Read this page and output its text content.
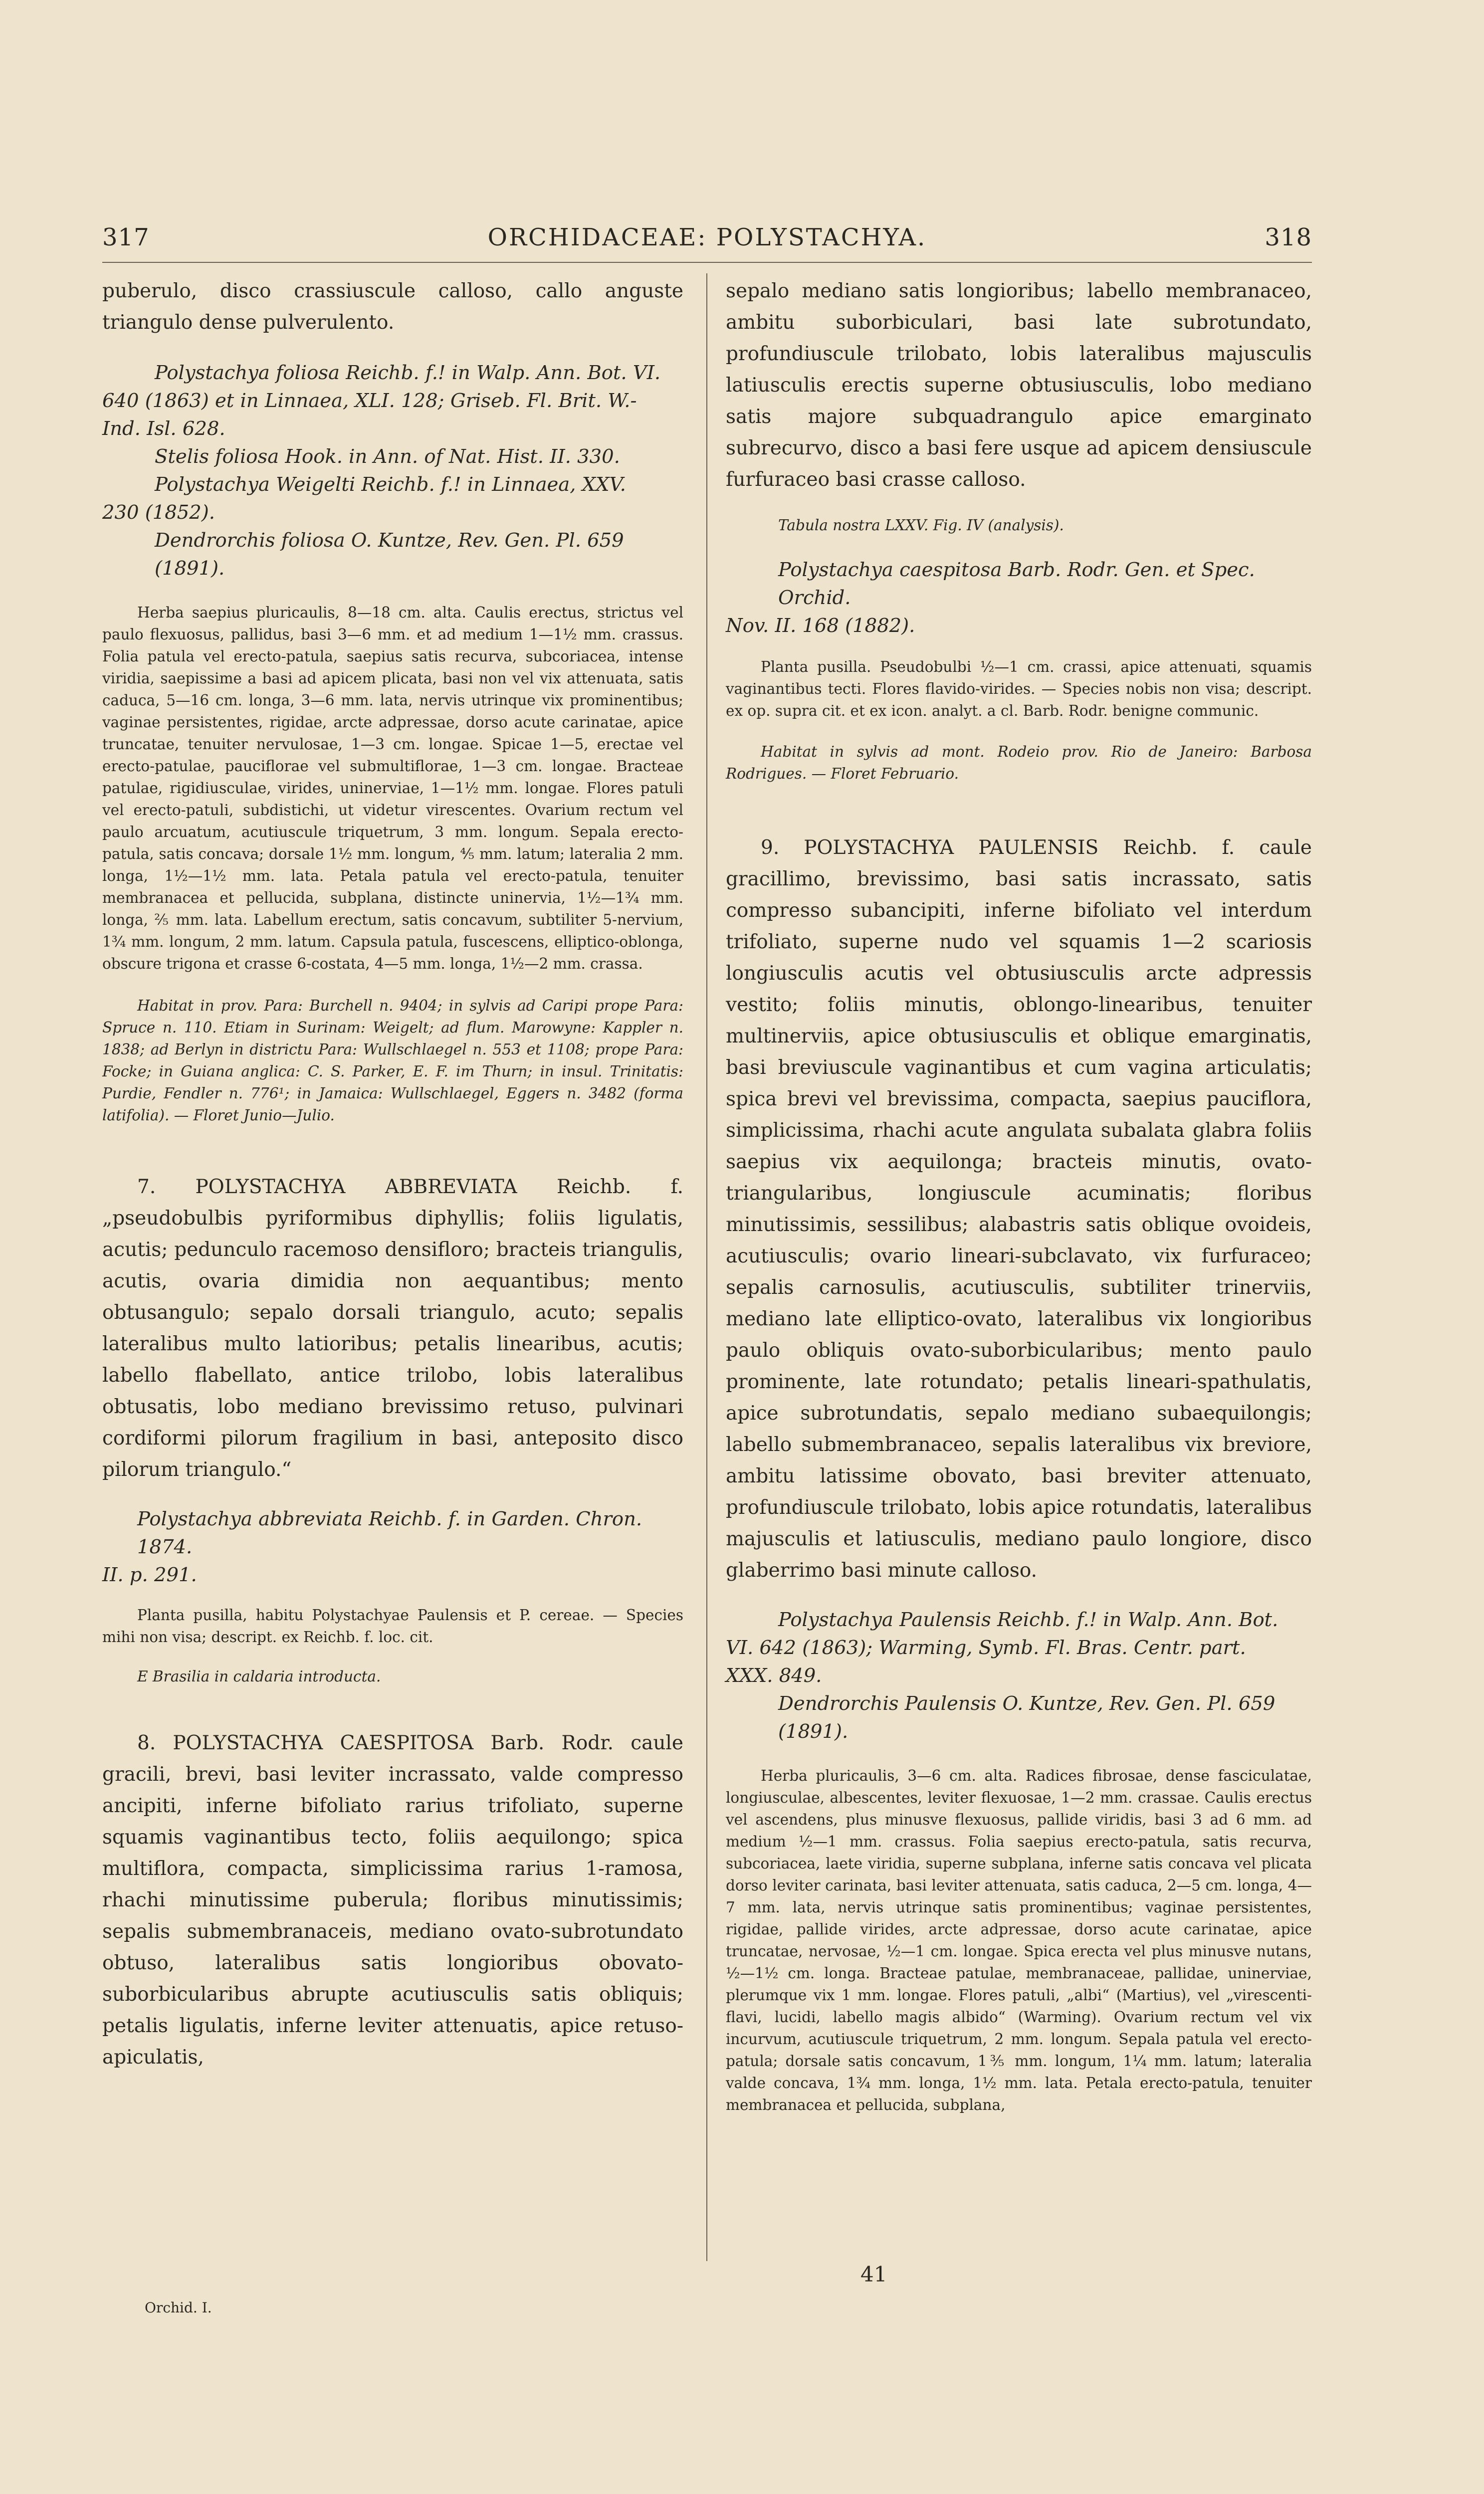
317	ORCHIDACEAE: POLYSTACHYA.	318

puberulo, disco crassiuscule calloso, callo anguste triangulo dense pulverulento.

Polystachya foliosa Reichb. f.! in Walp. Ann. Bot. VI.
640 (1863) et in Linnaea, XLI. 128; Griseb. Fl. Brit. W.-
Ind. Isl. 628.
Stelis foliosa Hook. in Ann. of Nat. Hist. II. 330.
Polystachya Weigelti Reichb. f.! in Linnaea, XXV.
230 (1852).
Dendrorchis foliosa O. Kuntze, Rev. Gen. Pl. 659 (1891).

Herba saepius pluricaulis, 8—18 cm. alta. Caulis erectus, strictus vel paulo flexuosus, pallidus, basi 3—6 mm. et ad medium 1—1½ mm. crassus. Folia patula vel erecto-patula, saepius satis recurva, subcoriacea, intense viridia, saepissime a basi ad apicem plicata, basi non vel vix attenuata, satis caduca, 5—16 cm. longa, 3—6 mm. lata, nervis utrinque vix prominentibus; vaginae persistentes, rigidae, arcte adpressae, dorso acute carinatae, apice truncatae, tenuiter nervulosae, 1—3 cm. longae. Spicae 1—5, erectae vel erecto-patulae, pauciflorae vel submultiflorae, 1—3 cm. longae. Bracteae patulae, rigidiusculae, virides, uninerviae, 1—1½ mm. longae. Flores patuli vel erecto-patuli, subdistichi, ut videtur virescentes. Ovarium rectum vel paulo arcuatum, acutiuscule triquetrum, 3 mm. longum. Sepala erecto-patula, satis concava; dorsale 1½ mm. longum, ⅘ mm. latum; lateralia 2 mm. longa, 1½—1½ mm. lata. Petala patula vel erecto-patula, tenuiter membranacea et pellucida, subplana, distincte uninervia, 1½—1¾ mm. longa, ⅖ mm. lata. Labellum erectum, satis concavum, subtiliter 5-nervium, 1¾ mm. longum, 2 mm. latum. Capsula patula, fuscescens, elliptico-oblonga, obscure trigona et crasse 6-costata, 4—5 mm. longa, 1½—2 mm. crassa.

Habitat in prov. Para: Burchell n. 9404; in sylvis ad Caripi prope Para: Spruce n. 110. Etiam in Surinam: Weigelt; ad flum. Marowyne: Kappler n. 1838; ad Berlyn in districtu Para: Wullschlaegel n. 553 et 1108; prope Para: Focke; in Guiana anglica: C. S. Parker, E. F. im Thurn; in insul. Trinitatis: Purdie, Fendler n. 776¹; in Jamaica: Wullschlaegel, Eggers n. 3482 (forma latifolia). — Floret Junio—Julio.

7. POLYSTACHYA ABBREVIATA Reichb. f. „pseudobulbis pyriformibus diphyllis; foliis ligulatis, acutis; pedunculo racemoso densifloro; bracteis triangulis, acutis, ovaria dimidia non aequantibus; mento obtusangulo; sepalo dorsali triangulo, acuto; sepalis lateralibus multo latioribus; petalis linearibus, acutis; labello flabellato, antice trilobo, lobis lateralibus obtusatis, lobo mediano brevissimo retuso, pulvinari cordiformi pilorum fragilium in basi, anteposito disco pilorum triangulo.“

Polystachya abbreviata Reichb. f. in Garden. Chron. 1874.
II. p. 291.

Planta pusilla, habitu Polystachyae Paulensis et P. cereae. — Species mihi non visa; descript. ex Reichb. f. loc. cit.

E Brasilia in caldaria introducta.

8. POLYSTACHYA CAESPITOSA Barb. Rodr. caule gracili, brevi, basi leviter incrassato, valde compresso ancipiti, inferne bifoliato rarius trifoliato, superne squamis vaginantibus tecto, foliis aequilongo; spica multiflora, compacta, simplicissima rarius 1-ramosa, rhachi minutissime puberula; floribus minutissimis; sepalis submembranaceis, mediano ovato-subrotundato obtuso, lateralibus satis longioribus obovato-suborbicularibus abrupte acutiusculis satis obliquis; petalis ligulatis, inferne leviter attenuatis, apice retuso-apiculatis,

sepalo mediano satis longioribus; labello membranaceo, ambitu suborbiculari, basi late subrotundato, profundiuscule trilobato, lobis lateralibus majusculis latiusculis erectis superne obtusiusculis, lobo mediano satis majore subquadrangulo apice emarginato subrecurvo, disco a basi fere usque ad apicem densiuscule furfuraceo basi crasse calloso.

Tabula nostra LXXV. Fig. IV (analysis).

Polystachya caespitosa Barb. Rodr. Gen. et Spec. Orchid.
Nov. II. 168 (1882).

Planta pusilla. Pseudobulbi ½—1 cm. crassi, apice attenuati, squamis vaginantibus tecti. Flores flavido-virides. — Species nobis non visa; descript. ex op. supra cit. et ex icon. analyt. a cl. Barb. Rodr. benigne communic.

Habitat in sylvis ad mont. Rodeio prov. Rio de Janeiro: Barbosa Rodrigues. — Floret Februario.

9. POLYSTACHYA PAULENSIS Reichb. f. caule gracillimo, brevissimo, basi satis incrassato, satis compresso subancipiti, inferne bifoliato vel interdum trifoliato, superne nudo vel squamis 1—2 scariosis longiusculis acutis vel obtusiusculis arcte adpressis vestito; foliis minutis, oblongo-linearibus, tenuiter multinerviis, apice obtusiusculis et oblique emarginatis, basi breviuscule vaginantibus et cum vagina articulatis; spica brevi vel brevissima, compacta, saepius pauciflora, simplicissima, rhachi acute angulata subalata glabra foliis saepius vix aequilonga; bracteis minutis, ovato-triangularibus, longiuscule acuminatis; floribus minutissimis, sessilibus; alabastris satis oblique ovoideis, acutiusculis; ovario lineari-subclavato, vix furfuraceo; sepalis carnosulis, acutiusculis, subtiliter trinerviis, mediano late elliptico-ovato, lateralibus vix longioribus paulo obliquis ovato-suborbicularibus; mento paulo prominente, late rotundato; petalis lineari-spathulatis, apice subrotundatis, sepalo mediano subaequilongis; labello submembranaceo, sepalis lateralibus vix breviore, ambitu latissime obovato, basi breviter attenuato, profundiuscule trilobato, lobis apice rotundatis, lateralibus majusculis et latiusculis, mediano paulo longiore, disco glaberrimo basi minute calloso.

Polystachya Paulensis Reichb. f.! in Walp. Ann. Bot.
VI. 642 (1863); Warming, Symb. Fl. Bras. Centr. part.
XXX. 849.
Dendrorchis Paulensis O. Kuntze, Rev. Gen. Pl. 659 (1891).

Herba pluricaulis, 3—6 cm. alta. Radices fibrosae, dense fasciculatae, longiusculae, albescentes, leviter flexuosae, 1—2 mm. crassae. Caulis erectus vel ascendens, plus minusve flexuosus, pallide viridis, basi 3 ad 6 mm. ad medium ½—1 mm. crassus. Folia saepius erecto-patula, satis recurva, subcoriacea, laete viridia, superne subplana, inferne satis concava vel plicata dorso leviter carinata, basi leviter attenuata, satis caduca, 2—5 cm. longa, 4—7 mm. lata, nervis utrinque satis prominentibus; vaginae persistentes, rigidae, pallide virides, arcte adpressae, dorso acute carinatae, apice truncatae, nervosae, ½—1 cm. longae. Spica erecta vel plus minusve nutans, ½—1½ cm. longa. Bracteae patulae, membranaceae, pallidae, uninerviae, plerumque vix 1 mm. longae. Flores patuli, „albi“ (Martius), vel „virescenti-flavi, lucidi, labello magis albido“ (Warming). Ovarium rectum vel vix incurvum, acutiuscule triquetrum, 2 mm. longum. Sepala patula vel erecto-patula; dorsale satis concavum, 1⅗ mm. longum, 1¼ mm. latum; lateralia valde concava, 1¾ mm. longa, 1½ mm. lata. Petala erecto-patula, tenuiter membranacea et pellucida, subplana,

Orchid. I.
41
